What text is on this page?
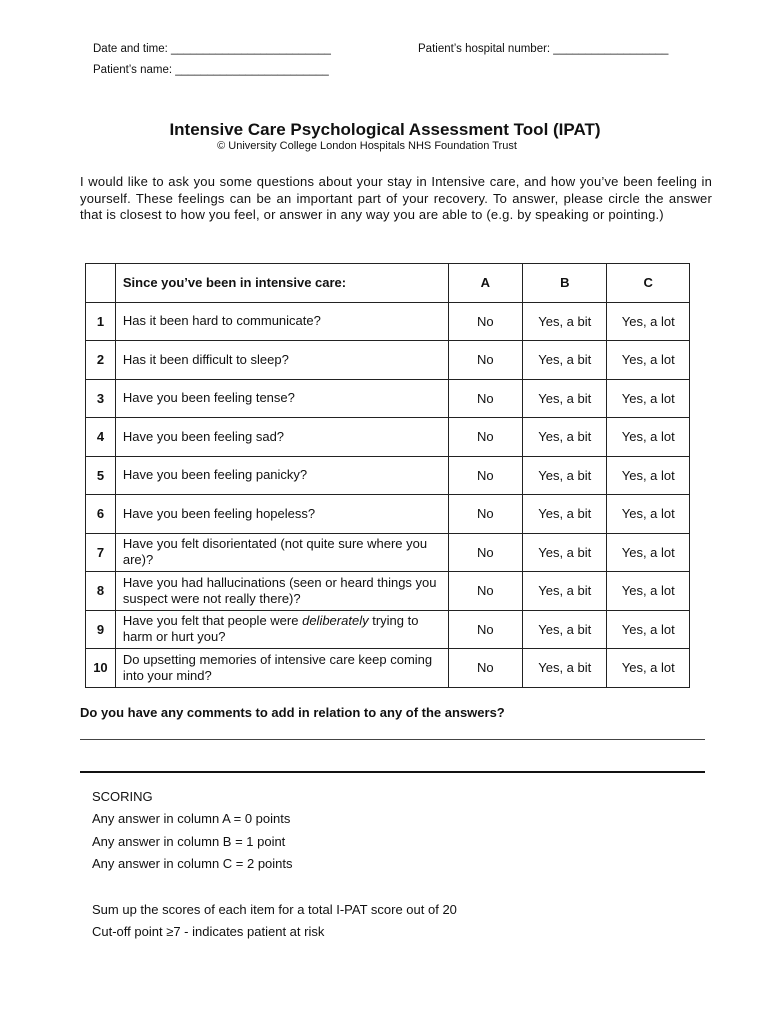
Date and time: _________________________	Patient’s hospital number: __________________
Patient’s name: ________________________
Intensive Care Psychological Assessment Tool (IPAT)
© University College London Hospitals NHS Foundation Trust
I would like to ask you some questions about your stay in Intensive care, and how you’ve been feeling in yourself. These feelings can be an important part of your recovery. To answer, please circle the answer that is closest to how you feel, or answer in any way you are able to (e.g. by speaking or pointing.)
	Since you’ve been in intensive care:	A	B	C
1	Has it been hard to communicate?	No	Yes, a bit	Yes, a lot
2	Has it been difficult to sleep?	No	Yes, a bit	Yes, a lot
3	Have you been feeling tense?	No	Yes, a bit	Yes, a lot
4	Have you been feeling sad?	No	Yes, a bit	Yes, a lot
5	Have you been feeling panicky?	No	Yes, a bit	Yes, a lot
6	Have you been feeling hopeless?	No	Yes, a bit	Yes, a lot
7	Have you felt disorientated (not quite sure where you are)?	No	Yes, a bit	Yes, a lot
8	Have you had hallucinations (seen or heard things you suspect were not really there)?	No	Yes, a bit	Yes, a lot
9	Have you felt that people were deliberately trying to harm or hurt you?	No	Yes, a bit	Yes, a lot
10	Do upsetting memories of intensive care keep coming into your mind?	No	Yes, a bit	Yes, a lot
Do you have any comments to add in relation to any of the answers?
SCORING
Any answer in column A = 0 points
Any answer in column B = 1 point
Any answer in column C = 2 points
Sum up the scores of each item for a total I-PAT score out of 20
Cut-off point ≥7 - indicates patient at risk
